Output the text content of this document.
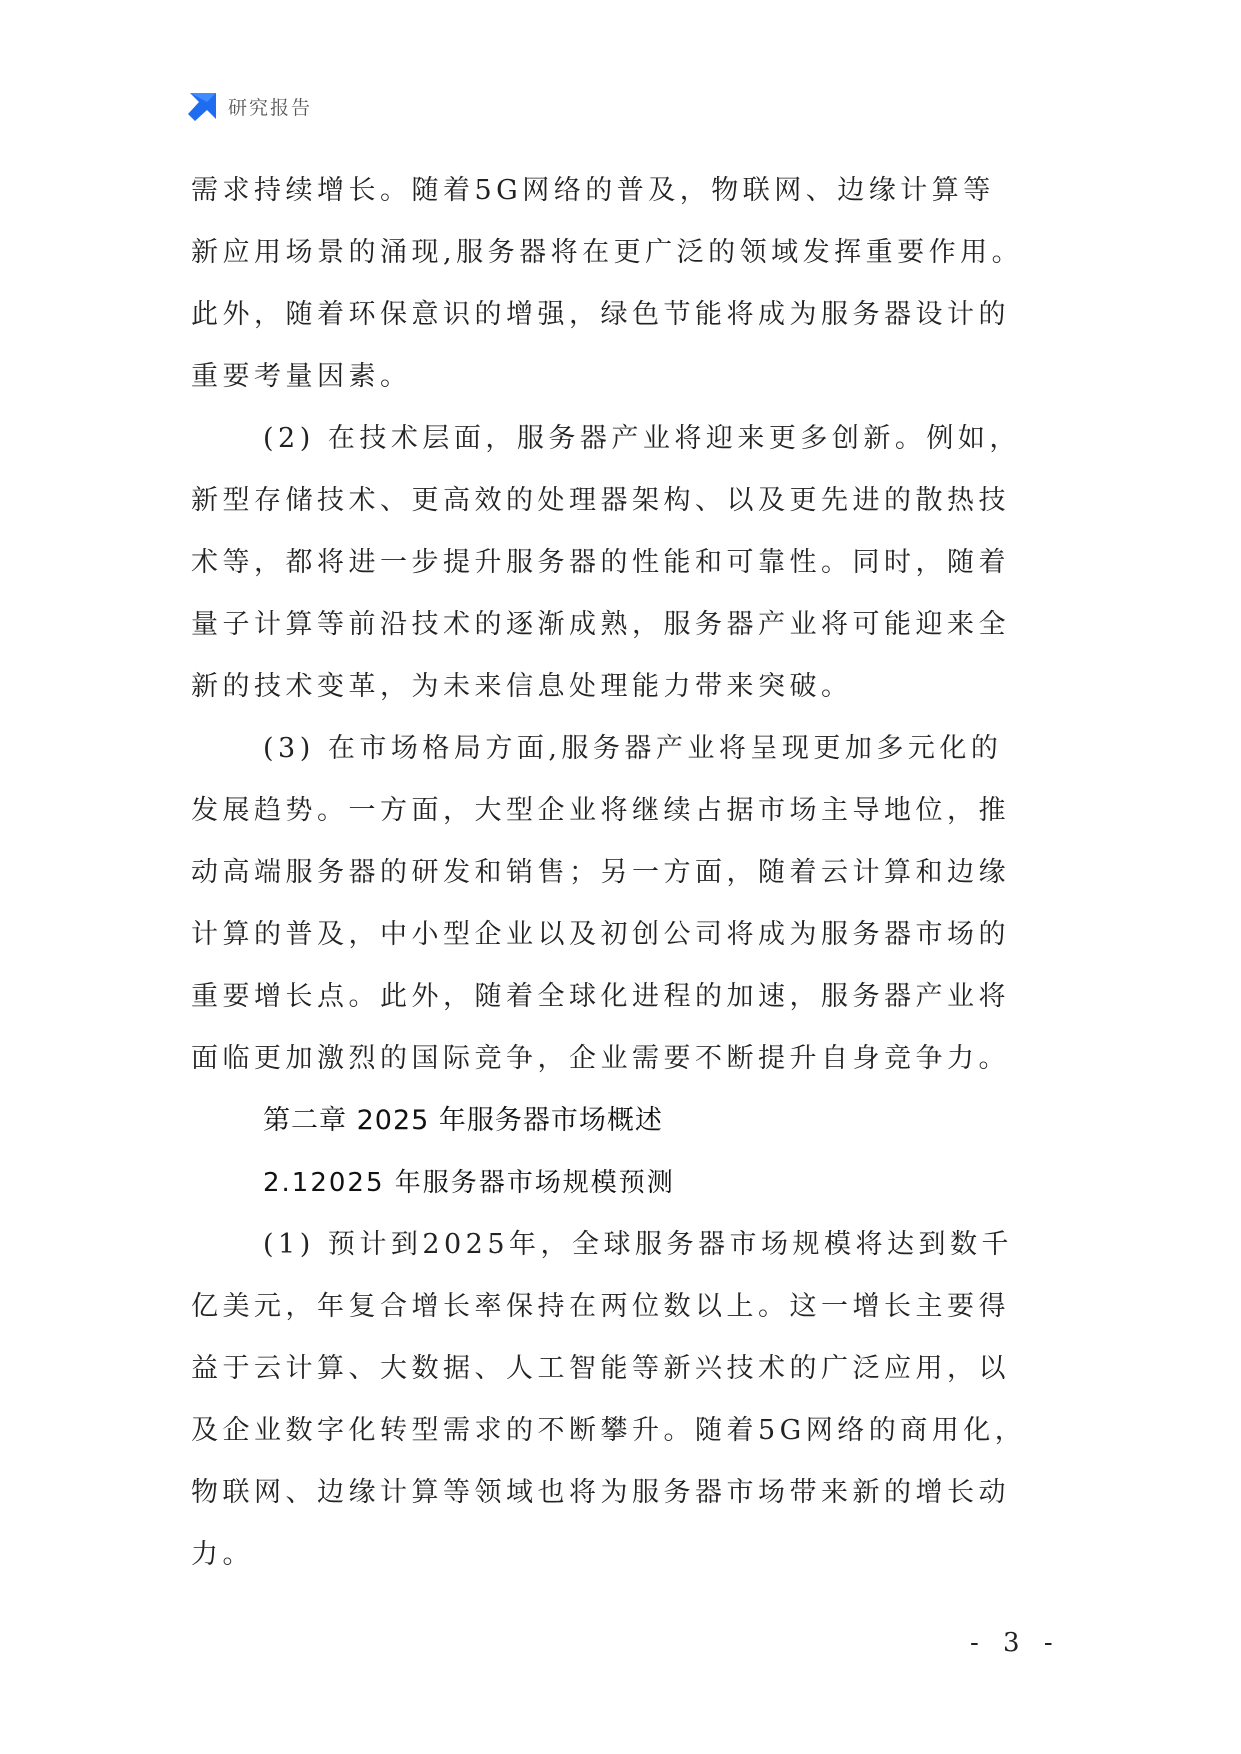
研究报告
需求持续增长。随着5G网络的普及，物联网、边缘计算等
新应用场景的涌现,服务器将在更广泛的领域发挥重要作用。
此外，随着环保意识的增强，绿色节能将成为服务器设计的
重要考量因素。
(2) 在技术层面，服务器产业将迎来更多创新。例如，
新型存储技术、更高效的处理器架构、以及更先进的散热技
术等，都将进一步提升服务器的性能和可靠性。同时，随着
量子计算等前沿技术的逐渐成熟，服务器产业将可能迎来全
新的技术变革，为未来信息处理能力带来突破。
(3) 在市场格局方面,服务器产业将呈现更加多元化的
发展趋势。一方面，大型企业将继续占据市场主导地位，推
动高端服务器的研发和销售；另一方面，随着云计算和边缘
计算的普及，中小型企业以及初创公司将成为服务器市场的
重要增长点。此外，随着全球化进程的加速，服务器产业将
面临更加激烈的国际竞争，企业需要不断提升自身竞争力。
第二章 2025 年服务器市场概述
2.12025 年服务器市场规模预测
(1) 预计到2025年，全球服务器市场规模将达到数千
亿美元，年复合增长率保持在两位数以上。这一增长主要得
益于云计算、大数据、人工智能等新兴技术的广泛应用，以
及企业数字化转型需求的不断攀升。随着5G网络的商用化，
物联网、边缘计算等领域也将为服务器市场带来新的增长动
力。
- 3 -
